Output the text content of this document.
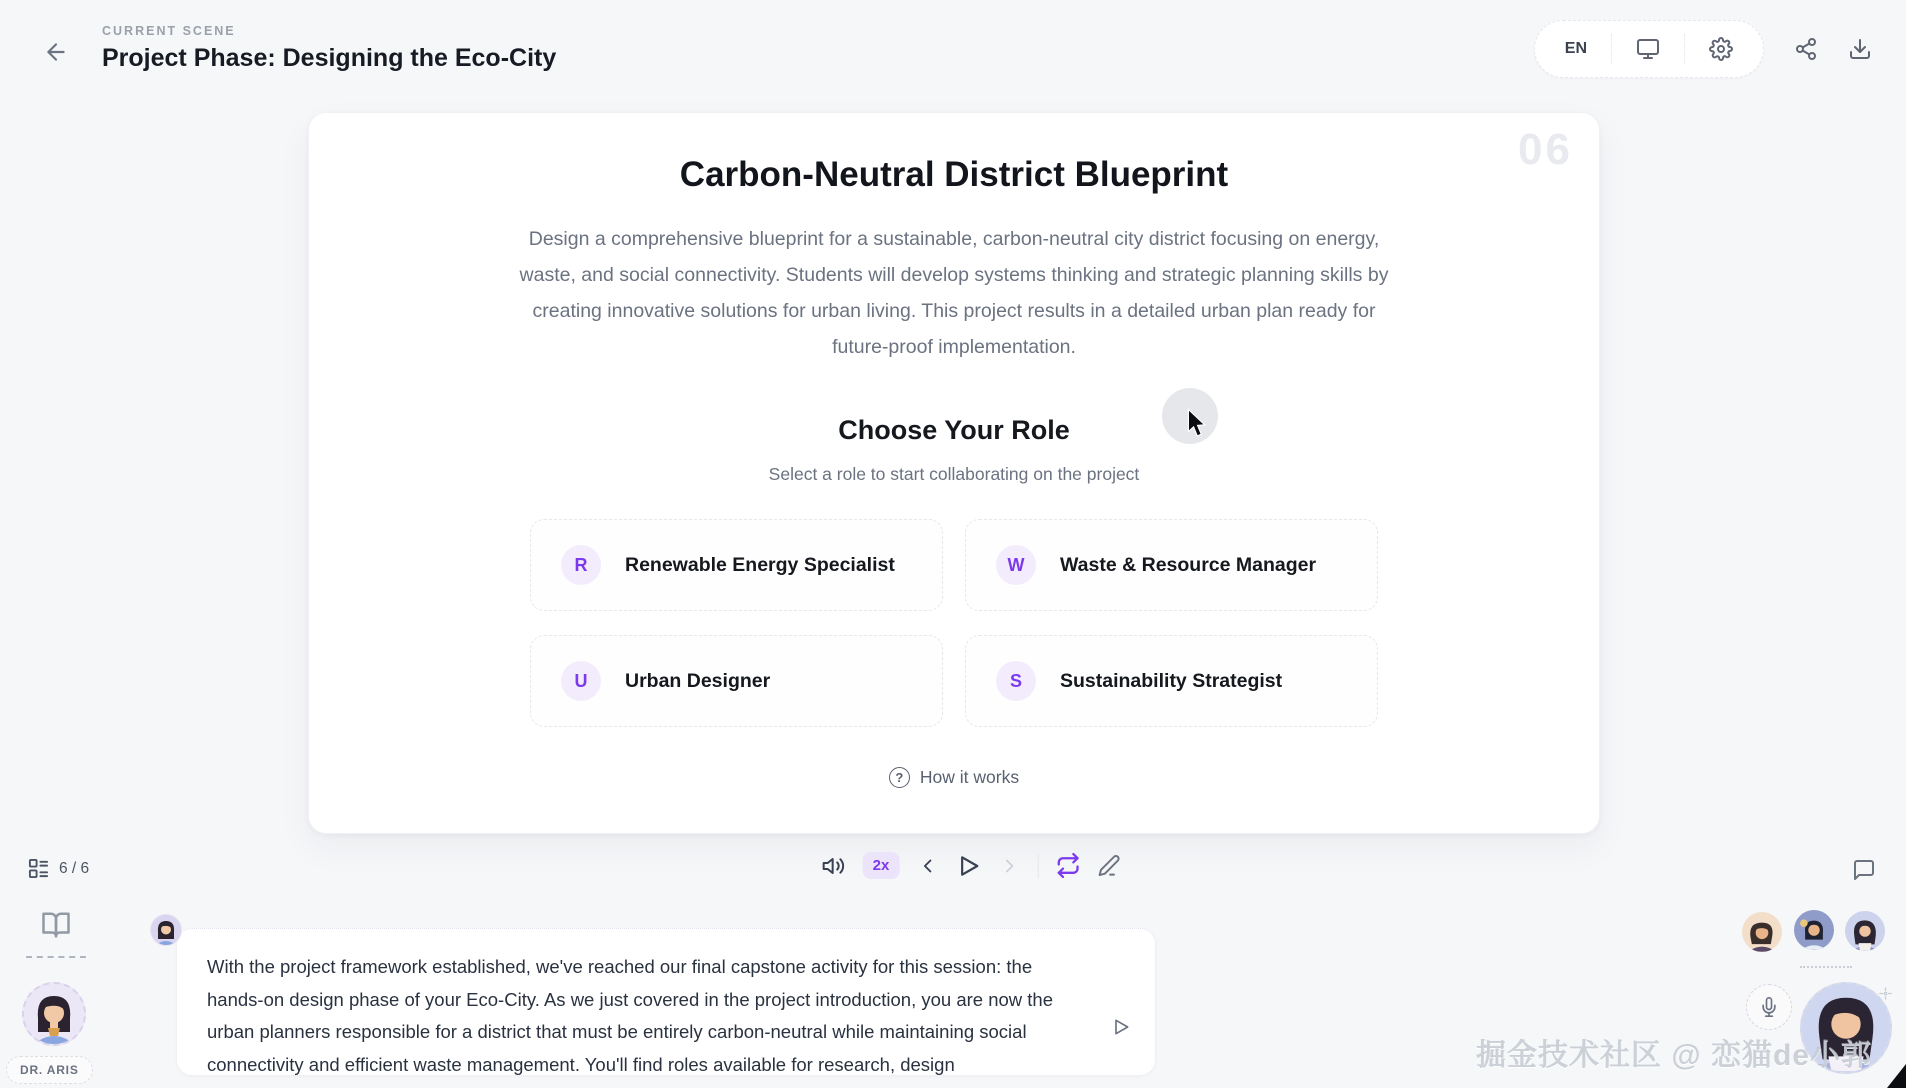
CURRENT SCENE
Project Phase: Designing the Eco-City	EN
06
Carbon-Neutral District Blueprint
Design a comprehensive blueprint for a sustainable, carbon-neutral city district focusing on energy, waste, and social connectivity. Students will develop systems thinking and strategic planning skills by creating innovative solutions for urban living. This project results in a detailed urban plan ready for future-proof implementation.
Choose Your Role
Select a role to start collaborating on the project
R	Renewable Energy Specialist	W	Waste & Resource Manager
U	Urban Designer	S	Sustainability Strategist
? How it works
6 / 6	2x
DR. ARIS
With the project framework established, we've reached our final capstone activity for this session: the hands-on design phase of your Eco-City. As we just covered in the project introduction, you are now the urban planners responsible for a district that must be entirely carbon-neutral while maintaining social connectivity and efficient waste management. You'll find roles available for research, design	掘金技术社区 @ 恋猫de小郭
